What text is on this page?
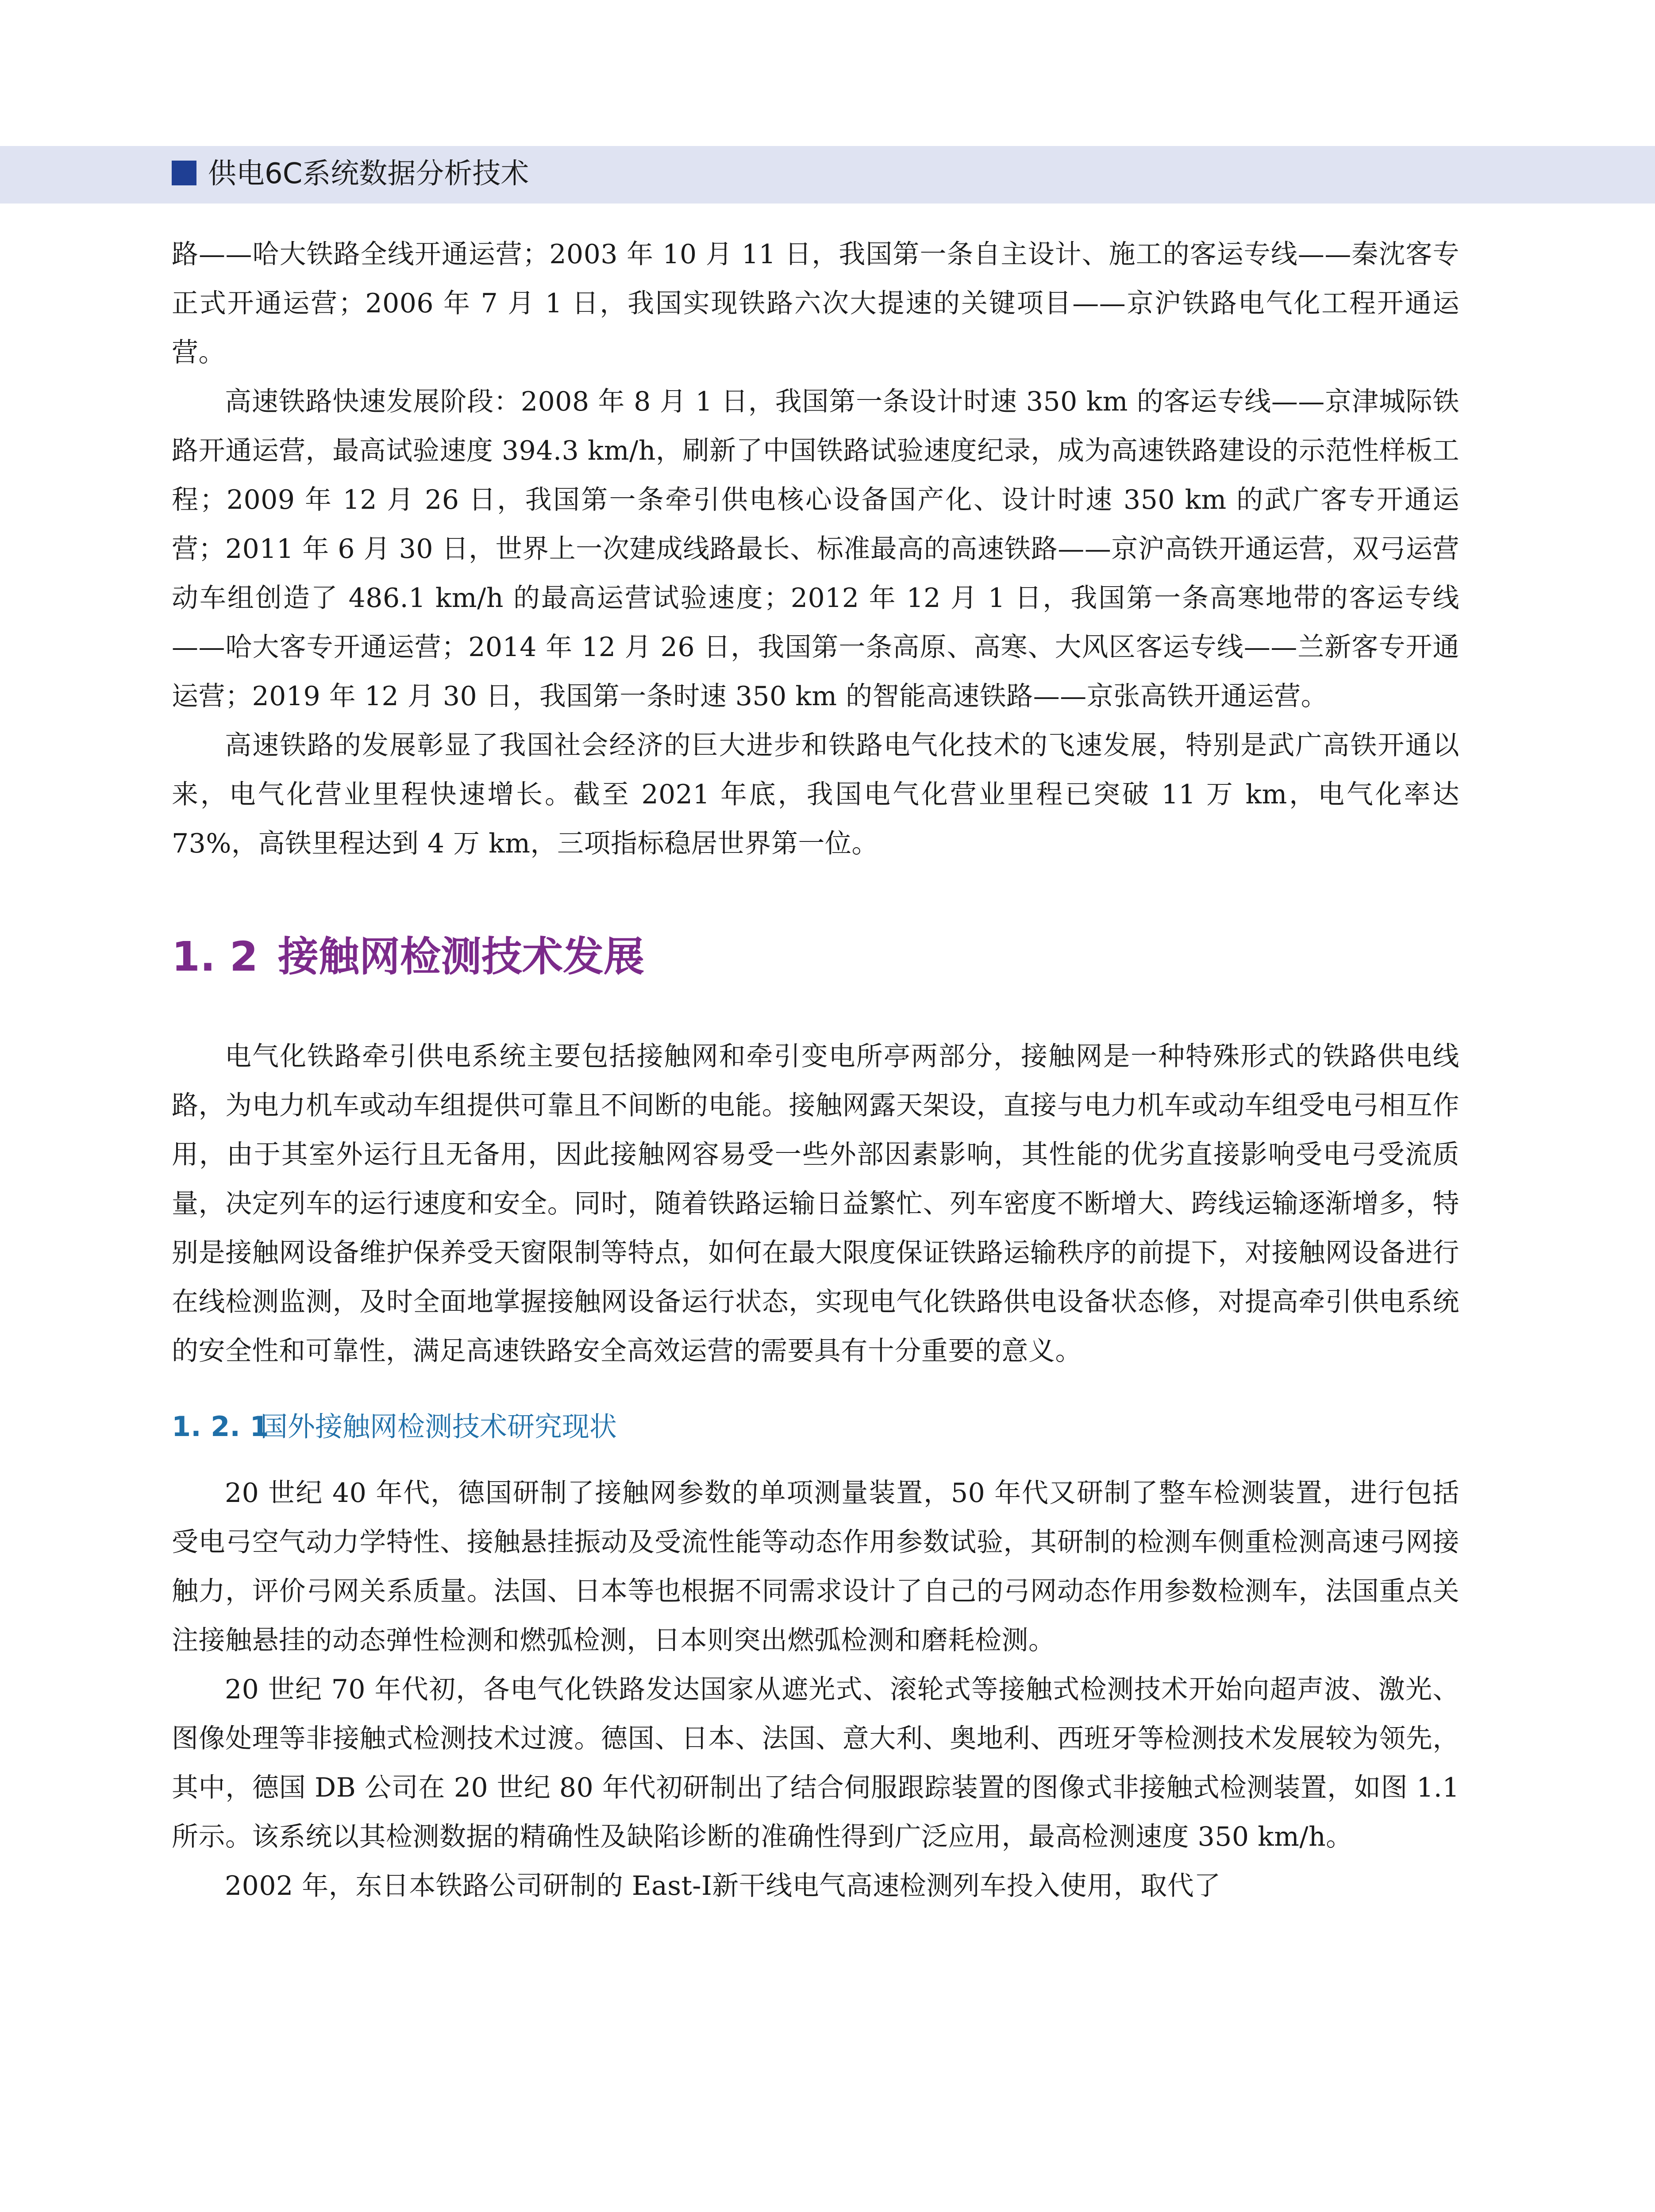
供电6C系统数据分析技术

路——哈大铁路全线开通运营；2003 年 10 月 11 日，我国第一条自主设计、施工的客运专线——秦沈客专正式开通运营；2006 年 7 月 1 日，我国实现铁路六次大提速的关键项目——京沪铁路电气化工程开通运营。

高速铁路快速发展阶段：2008 年 8 月 1 日，我国第一条设计时速 350 km 的客运专线——京津城际铁路开通运营，最高试验速度 394.3 km/h，刷新了中国铁路试验速度纪录，成为高速铁路建设的示范性样板工程；2009 年 12 月 26 日，我国第一条牵引供电核心设备国产化、设计时速 350 km 的武广客专开通运营；2011 年 6 月 30 日，世界上一次建成线路最长、标准最高的高速铁路——京沪高铁开通运营，双弓运营动车组创造了 486.1 km/h 的最高运营试验速度；2012 年 12 月 1 日，我国第一条高寒地带的客运专线——哈大客专开通运营；2014 年 12 月 26 日，我国第一条高原、高寒、大风区客运专线——兰新客专开通运营；2019 年 12 月 30 日，我国第一条时速 350 km 的智能高速铁路——京张高铁开通运营。

高速铁路的发展彰显了我国社会经济的巨大进步和铁路电气化技术的飞速发展，特别是武广高铁开通以来，电气化营业里程快速增长。截至 2021 年底，我国电气化营业里程已突破 11 万 km，电气化率达 73%，高铁里程达到 4 万 km，三项指标稳居世界第一位。

1. 2 接触网检测技术发展

电气化铁路牵引供电系统主要包括接触网和牵引变电所亭两部分，接触网是一种特殊形式的铁路供电线路，为电力机车或动车组提供可靠且不间断的电能。接触网露天架设，直接与电力机车或动车组受电弓相互作用，由于其室外运行且无备用，因此接触网容易受一些外部因素影响，其性能的优劣直接影响受电弓受流质量，决定列车的运行速度和安全。同时，随着铁路运输日益繁忙、列车密度不断增大、跨线运输逐渐增多，特别是接触网设备维护保养受天窗限制等特点，如何在最大限度保证铁路运输秩序的前提下，对接触网设备进行在线检测监测，及时全面地掌握接触网设备运行状态，实现电气化铁路供电设备状态修，对提高牵引供电系统的安全性和可靠性，满足高速铁路安全高效运营的需要具有十分重要的意义。

1. 2. 1国外接触网检测技术研究现状

20 世纪 40 年代，德国研制了接触网参数的单项测量装置，50 年代又研制了整车检测装置，进行包括受电弓空气动力学特性、接触悬挂振动及受流性能等动态作用参数试验，其研制的检测车侧重检测高速弓网接触力，评价弓网关系质量。法国、日本等也根据不同需求设计了自己的弓网动态作用参数检测车，法国重点关注接触悬挂的动态弹性检测和燃弧检测，日本则突出燃弧检测和磨耗检测。

20 世纪 70 年代初，各电气化铁路发达国家从遮光式、滚轮式等接触式检测技术开始向超声波、激光、图像处理等非接触式检测技术过渡。德国、日本、法国、意大利、奥地利、西班牙等检测技术发展较为领先，其中，德国 DB 公司在 20 世纪 80 年代初研制出了结合伺服跟踪装置的图像式非接触式检测装置，如图 1.1 所示。该系统以其检测数据的精确性及缺陷诊断的准确性得到广泛应用，最高检测速度 350 km/h。

2002 年，东日本铁路公司研制的 East-Ⅰ新干线电气高速检测列车投入使用，取代了
